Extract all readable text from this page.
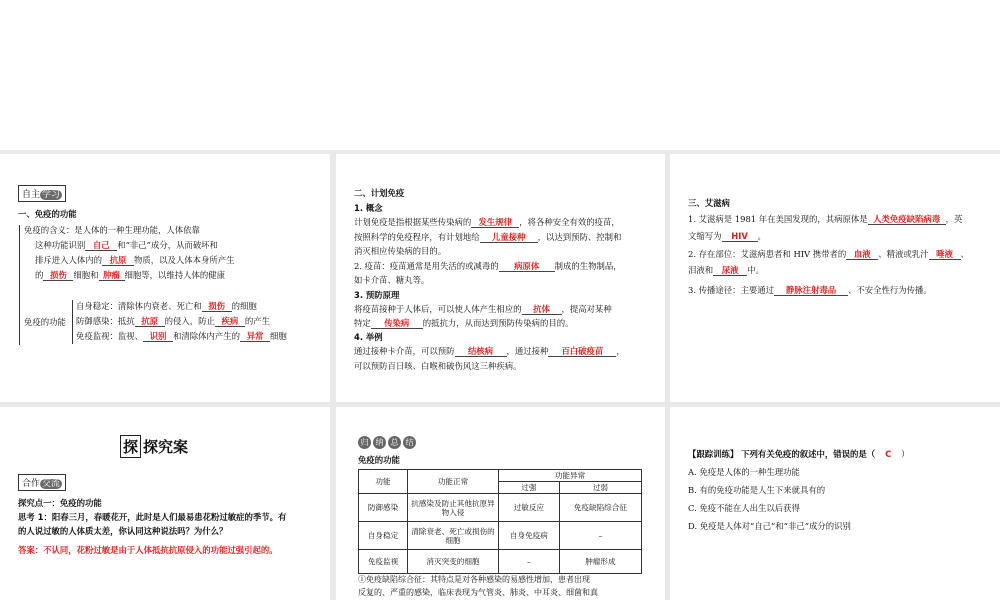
自主 学习
一、免疫的功能
免疫的含义：是人体的一种生理功能，人体依靠
这种功能识别 自己 和“非己”成分，从而破坏和
排斥进入人体内的 抗原 物质，以及人体本身所产生
的 损伤 细胞和 肿瘤 细胞等，以维持人体的健康
免疫的功能
自身稳定：清除体内衰老、死亡和 损伤 的细胞
防御感染：抵抗 抗原 的侵入，防止 疾病 的产生
免疫监视：监视、 识别 和清除体内产生的 异常 细胞
二、计划免疫
1. 概念
计划免疫是指根据某些传染病的 发生规律 ，将各种安全有效的疫苗，
按照科学的免疫程序，有计划地给 儿童接种 ，以达到预防、控制和
消灭相应传染病的目的。
2. 疫苗：疫苗通常是用失活的或减毒的 病原体 制成的生物制品，
如卡介苗、糖丸等。
3. 预防原理
将疫苗接种于人体后，可以使人体产生相应的 抗体 ，提高对某种
特定 传染病 的抵抗力，从而达到预防传染病的目的。
4. 举例
通过接种卡介苗，可以预防 结核病 ，通过接种 百白破疫苗 ，
可以预防百日咳、白喉和破伤风这三种疾病。
三、艾滋病
1. 艾滋病是 1981 年在美国发现的，其病原体是 人类免疫缺陷病毒 ，英
文缩写为 HIV 。
2. 存在部位：艾滋病患者和 HIV 携带者的 血液 、精液或乳汁 唾液 、
泪液和 尿液 中。
3. 传播途径：主要通过 静脉注射毒品 、不安全性行为传播。
探 探究案
合作 交流
探究点一：免疫的功能
思考 1：阳春三月，春暖花开，此时是人们最易患花粉过敏症的季节。有
的人说过敏的人体质太差，你认同这种说法吗？为什么？
答案：不认同，花粉过敏是由于人体抵抗抗原侵入的功能过强引起的。
归 纳 总 结
免疫的功能
功能	功能正常	功能异常	
		过强	过弱
防御感染	抗感染及防止其他抗原异物入侵	过敏反应	免疫缺陷综合征
自身稳定	清除衰老、死亡或损伤的细胞	自身免疫病	–
免疫监视	消灭突变的细胞	–	肿瘤形成
①免疫缺陷综合征：其特点是对各种感染的易感性增加，患者出现
反复的、严重的感染，临床表现为气管炎、肺炎、中耳炎、细菌和真
【跟踪训练】 下列有关免疫的叙述中，错误的是（ C ）
A. 免疫是人体的一种生理功能
B. 有的免疫功能是人生下来就具有的
C. 免疫不能在人出生以后获得
D. 免疫是人体对“自己”和“非己”成分的识别
